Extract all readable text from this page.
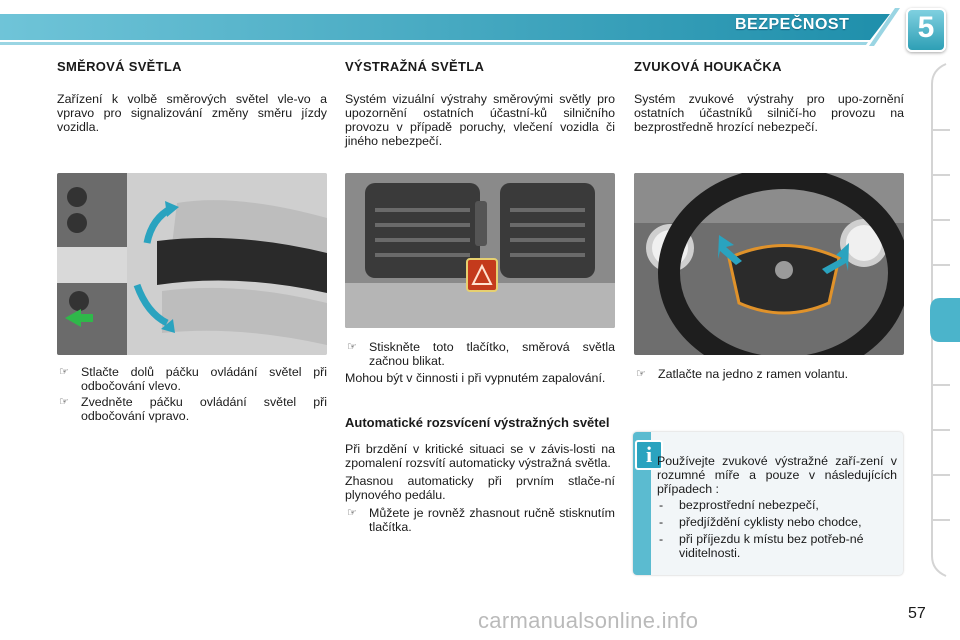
BEZPEČNOST	5
SMĚROVÁ SVĚTLA
Zařízení k volbě směrových světel vle-vo a vpravo pro signalizování změny směru jízdy vozidla.
☞ Stlačte dolů páčku ovládání světel při odbočování vlevo.
☞ Zvedněte páčku ovládání světel při odbočování vpravo.
VÝSTRAŽNÁ SVĚTLA
Systém vizuální výstrahy směrovými světly pro upozornění ostatních účastní-ků silničního provozu v případě poruchy, vlečení vozidla či jiného nebezpečí.
☞ Stiskněte toto tlačítko, směrová světla začnou blikat.
Mohou být v činnosti i při vypnutém zapalování.
Automatické rozsvícení výstražných světel
Při brzdění v kritické situaci se v závis-losti na zpomalení rozsvítí automaticky výstražná světla.
Zhasnou automaticky při prvním stlače-ní plynového pedálu.
☞ Můžete je rovněž zhasnout ručně stisknutím tlačítka.
ZVUKOVÁ HOUKAČKA
Systém zvukové výstrahy pro upo-zornění ostatních účastníků silničí-ho provozu na bezprostředně hrozící nebezpečí.
☞ Zatlačte na jedno z ramen volantu.
i Používejte zvukové výstražné zaří-zení v rozumné míře a pouze v následujících případech :
- bezprostřední nebezpečí,
- předjíždění cyklisty nebo chodce,
- při příjezdu k místu bez potřeb-né viditelnosti.
carmanualsonline.info	57
